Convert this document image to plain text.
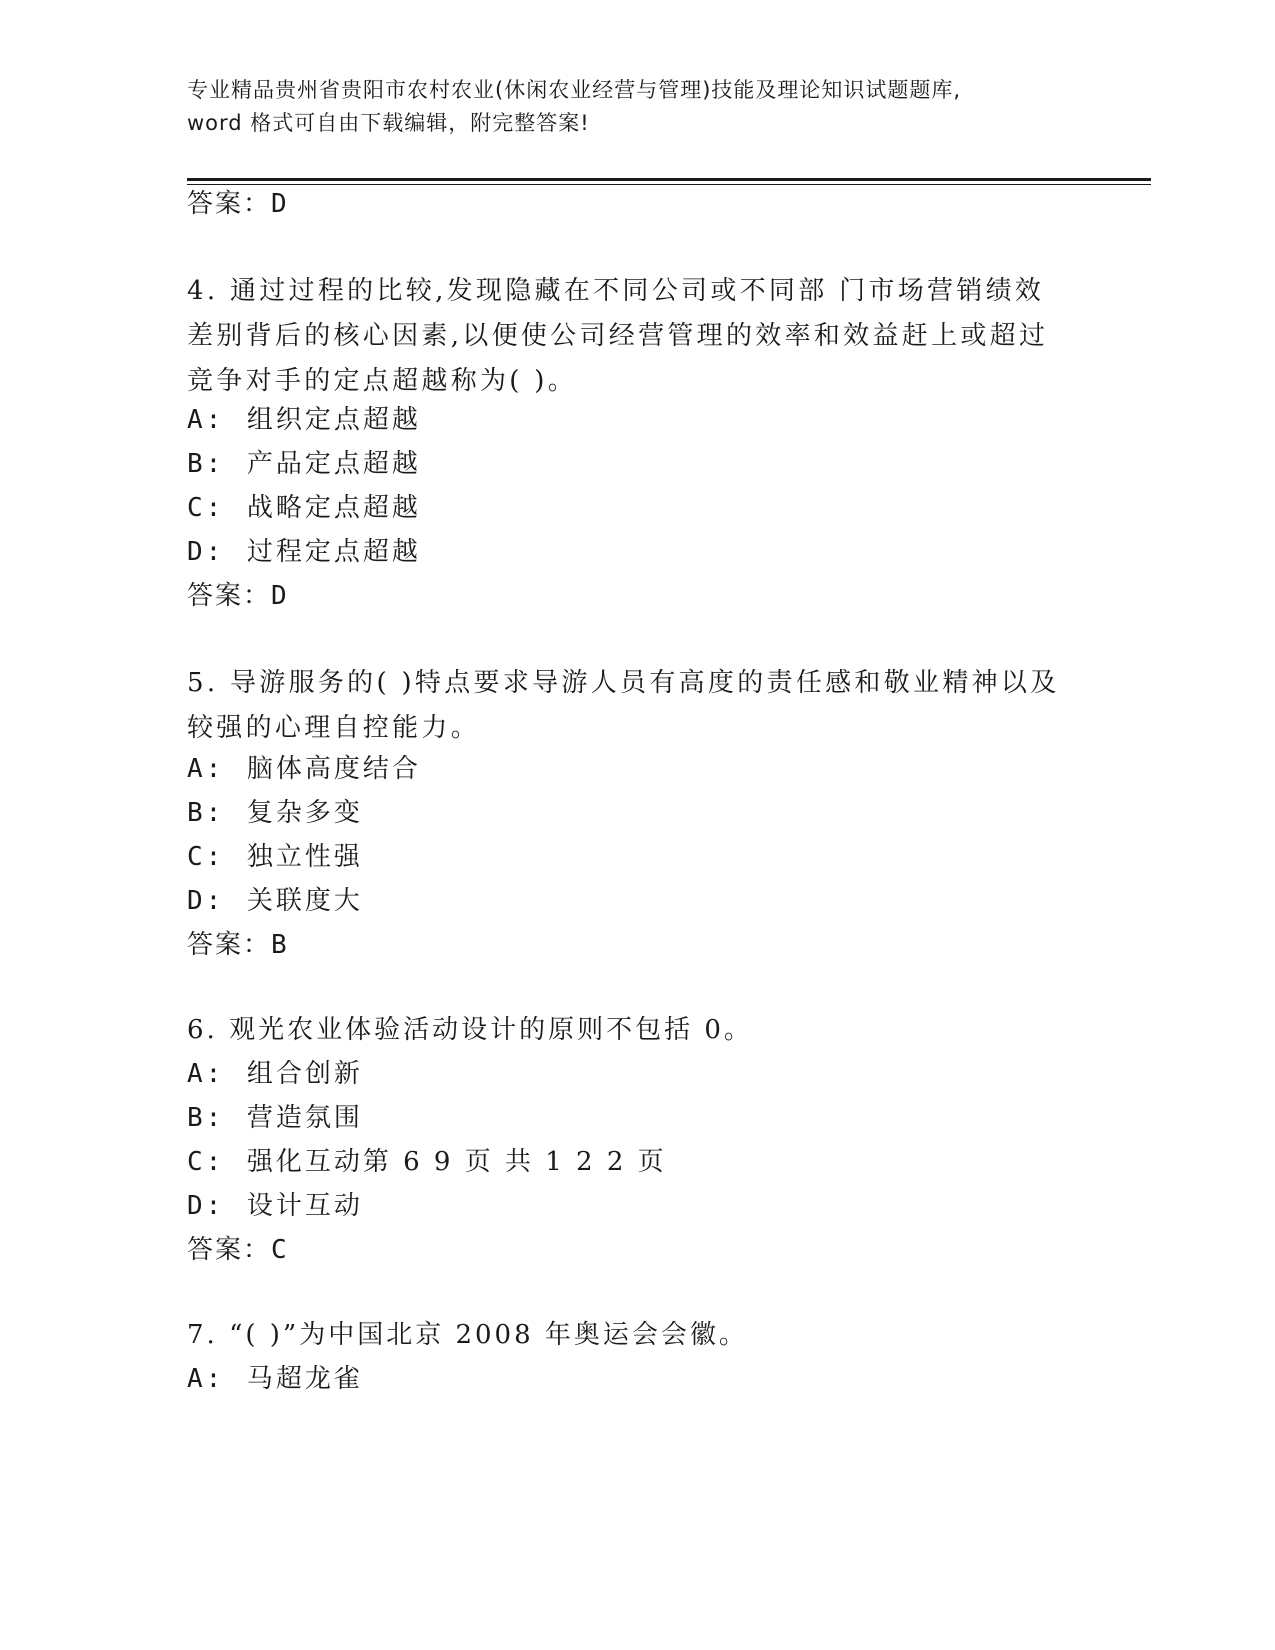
专业精品贵州省贵阳市农村农业(休闲农业经营与管理)技能及理论知识试题题库,
word 格式可自由下载编辑，附完整答案!
答案：D
4. 通过过程的比较,发现隐藏在不同公司或不同部 门市场营销绩效差别背后的核心因素,以便使公司经营管理的效率和效益赶上或超过竞争对手的定点超越称为( )。
A: 组织定点超越
B: 产品定点超越
C: 战略定点超越
D: 过程定点超越
答案：D
5. 导游服务的( )特点要求导游人员有高度的责任感和敬业精神以及较强的心理自控能力。
A: 脑体高度结合
B: 复杂多变
C: 独立性强
D: 关联度大
答案：B
6. 观光农业体验活动设计的原则不包括 0。
A: 组合创新
B: 营造氛围
C: 强化互动第 6 9 页 共 1 2 2 页
D: 设计互动
答案：C
7. “( )”为中国北京 2008 年奥运会会徽。
A: 马超龙雀
